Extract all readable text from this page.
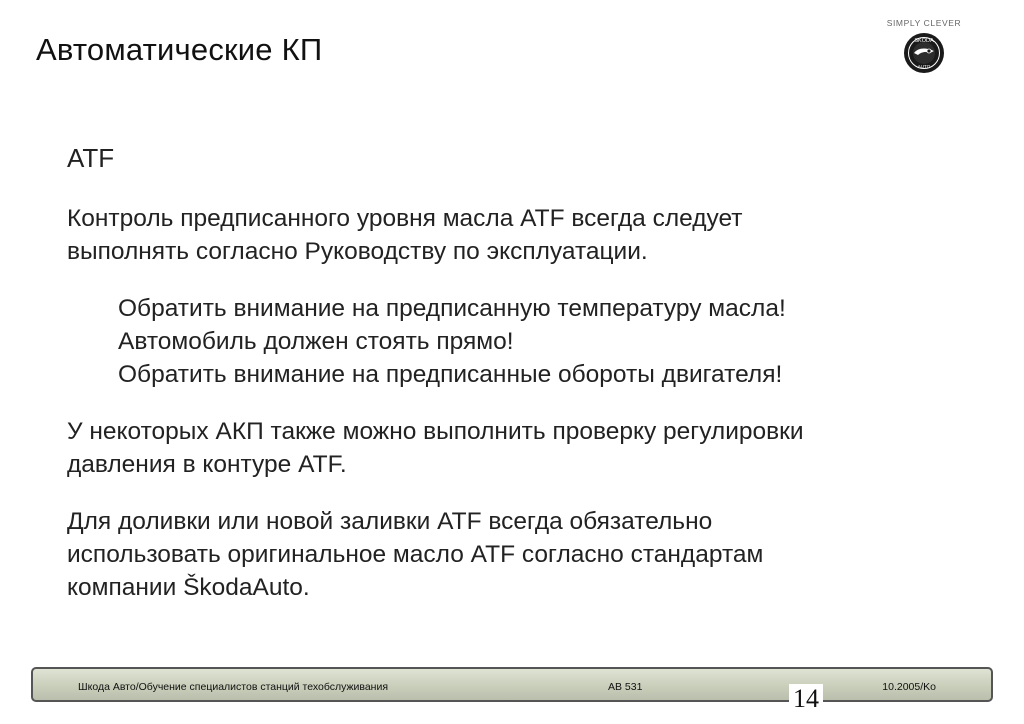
Автоматические КП
SIMPLY CLEVER
SKODA
AUTO
ATF
Контроль предписанного уровня масла ATF всегда следует
выполнять согласно Руководству по эксплуатации.
Обратить внимание на предписанную температуру масла!
Автомобиль должен стоять прямо!
Обратить внимание на предписанные обороты двигателя!
У некоторых АКП также можно выполнить проверку регулировки
давления в контуре ATF.
Для доливки или новой заливки ATF всегда обязательно
использовать оригинальное масло ATF согласно стандартам
компании ŠkodaAuto.
Шкода Авто/Обучение специалистов станций техобслуживания	AB 531	10.2005/Ko
14
